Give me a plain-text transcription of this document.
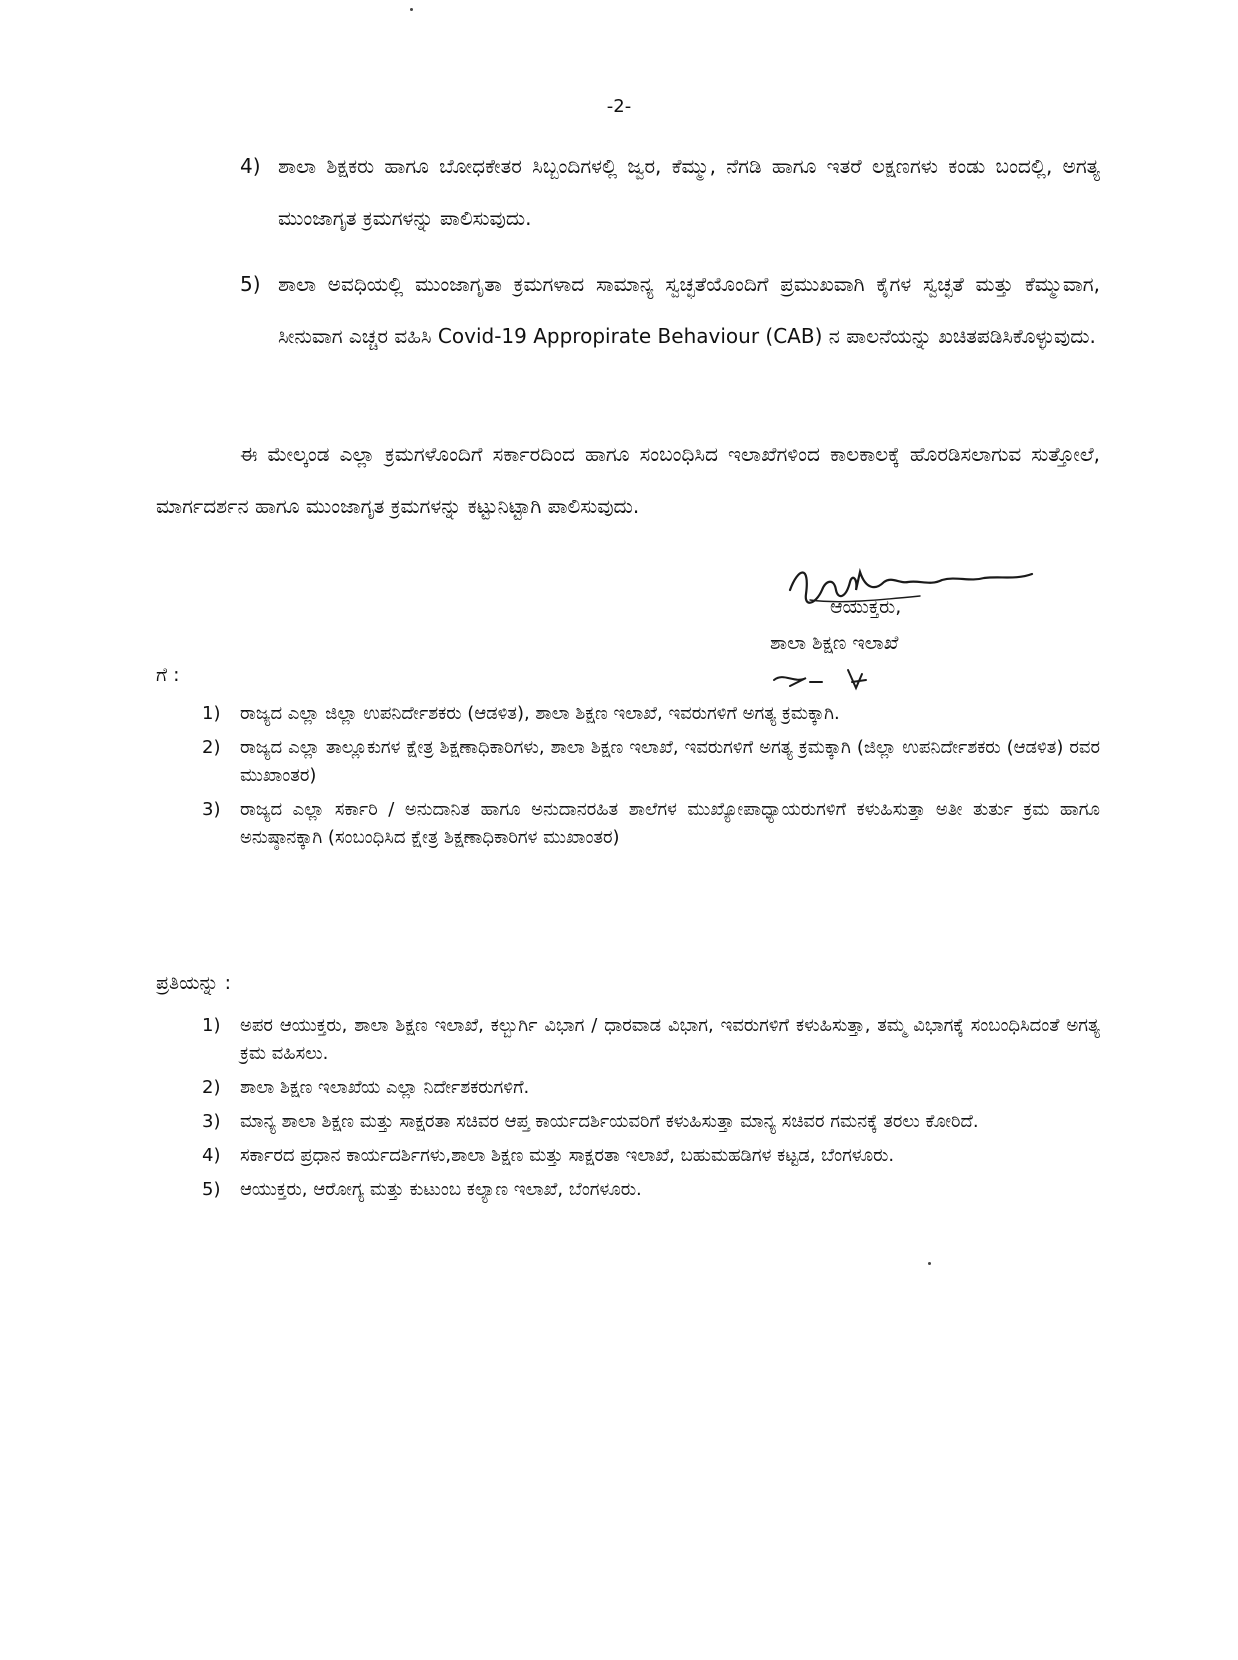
-2-
4) ಶಾಲಾ ಶಿಕ್ಷಕರು ಹಾಗೂ ಬೋಧಕೇತರ ಸಿಬ್ಬಂದಿಗಳಲ್ಲಿ ಜ್ವರ, ಕೆಮ್ಮು, ನೆಗಡಿ ಹಾಗೂ ಇತರೆ ಲಕ್ಷಣಗಳು ಕಂಡು ಬಂದಲ್ಲಿ, ಅಗತ್ಯ ಮುಂಜಾಗೃತ ಕ್ರಮಗಳನ್ನು ಪಾಲಿಸುವುದು.
5) ಶಾಲಾ ಅವಧಿಯಲ್ಲಿ ಮುಂಜಾಗೃತಾ ಕ್ರಮಗಳಾದ ಸಾಮಾನ್ಯ ಸ್ವಚ್ಛತೆಯೊಂದಿಗೆ ಪ್ರಮುಖವಾಗಿ ಕೈಗಳ ಸ್ವಚ್ಛತೆ ಮತ್ತು ಕೆಮ್ಮುವಾಗ, ಸೀನುವಾಗ ಎಚ್ಚರ ವಹಿಸಿ Covid-19 Appropirate Behaviour (CAB) ನ ಪಾಲನೆಯನ್ನು ಖಚಿತಪಡಿಸಿಕೊಳ್ಳುವುದು.
ಈ ಮೇಲ್ಕಂಡ ಎಲ್ಲಾ ಕ್ರಮಗಳೊಂದಿಗೆ ಸರ್ಕಾರದಿಂದ ಹಾಗೂ ಸಂಬಂಧಿಸಿದ ಇಲಾಖೆಗಳಿಂದ ಕಾಲಕಾಲಕ್ಕೆ ಹೊರಡಿಸಲಾಗುವ ಸುತ್ತೋಲೆ, ಮಾರ್ಗದರ್ಶನ ಹಾಗೂ ಮುಂಜಾಗೃತ ಕ್ರಮಗಳನ್ನು ಕಟ್ಟುನಿಟ್ಟಾಗಿ ಪಾಲಿಸುವುದು.
ಆಯುಕ್ತರು,
ಶಾಲಾ ಶಿಕ್ಷಣ ಇಲಾಖೆ
ಗೆ :
1) ರಾಜ್ಯದ ಎಲ್ಲಾ ಜಿಲ್ಲಾ ಉಪನಿರ್ದೇಶಕರು (ಆಡಳಿತ), ಶಾಲಾ ಶಿಕ್ಷಣ ಇಲಾಖೆ, ಇವರುಗಳಿಗೆ ಅಗತ್ಯ ಕ್ರಮಕ್ಕಾಗಿ.
2) ರಾಜ್ಯದ ಎಲ್ಲಾ ತಾಲ್ಲೂಕುಗಳ ಕ್ಷೇತ್ರ ಶಿಕ್ಷಣಾಧಿಕಾರಿಗಳು, ಶಾಲಾ ಶಿಕ್ಷಣ ಇಲಾಖೆ, ಇವರುಗಳಿಗೆ ಅಗತ್ಯ ಕ್ರಮಕ್ಕಾಗಿ (ಜಿಲ್ಲಾ ಉಪನಿರ್ದೇಶಕರು (ಆಡಳಿತ) ರವರ ಮುಖಾಂತರ)
3) ರಾಜ್ಯದ ಎಲ್ಲಾ ಸರ್ಕಾರಿ / ಅನುದಾನಿತ ಹಾಗೂ ಅನುದಾನರಹಿತ ಶಾಲೆಗಳ ಮುಖ್ಯೋಪಾಧ್ಯಾಯರುಗಳಿಗೆ ಕಳುಹಿಸುತ್ತಾ ಅತೀ ತುರ್ತು ಕ್ರಮ ಹಾಗೂ ಅನುಷ್ಠಾನಕ್ಕಾಗಿ (ಸಂಬಂಧಿಸಿದ ಕ್ಷೇತ್ರ ಶಿಕ್ಷಣಾಧಿಕಾರಿಗಳ ಮುಖಾಂತರ)
ಪ್ರತಿಯನ್ನು :
1) ಅಪರ ಆಯುಕ್ತರು, ಶಾಲಾ ಶಿಕ್ಷಣ ಇಲಾಖೆ, ಕಲ್ಬುರ್ಗಿ ವಿಭಾಗ / ಧಾರವಾಡ ವಿಭಾಗ, ಇವರುಗಳಿಗೆ ಕಳುಹಿಸುತ್ತಾ, ತಮ್ಮ ವಿಭಾಗಕ್ಕೆ ಸಂಬಂಧಿಸಿದಂತೆ ಅಗತ್ಯ ಕ್ರಮ ವಹಿಸಲು.
2) ಶಾಲಾ ಶಿಕ್ಷಣ ಇಲಾಖೆಯ ಎಲ್ಲಾ ನಿರ್ದೇಶಕರುಗಳಿಗೆ.
3) ಮಾನ್ಯ ಶಾಲಾ ಶಿಕ್ಷಣ ಮತ್ತು ಸಾಕ್ಷರತಾ ಸಚಿವರ ಆಪ್ತ ಕಾರ್ಯದರ್ಶಿಯವರಿಗೆ ಕಳುಹಿಸುತ್ತಾ ಮಾನ್ಯ ಸಚಿವರ ಗಮನಕ್ಕೆ ತರಲು ಕೋರಿದೆ.
4) ಸರ್ಕಾರದ ಪ್ರಧಾನ ಕಾರ್ಯದರ್ಶಿಗಳು,ಶಾಲಾ ಶಿಕ್ಷಣ ಮತ್ತು ಸಾಕ್ಷರತಾ ಇಲಾಖೆ, ಬಹುಮಹಡಿಗಳ ಕಟ್ಟಡ, ಬೆಂಗಳೂರು.
5) ಆಯುಕ್ತರು, ಆರೋಗ್ಯ ಮತ್ತು ಕುಟುಂಬ ಕಲ್ಯಾಣ ಇಲಾಖೆ, ಬೆಂಗಳೂರು.
